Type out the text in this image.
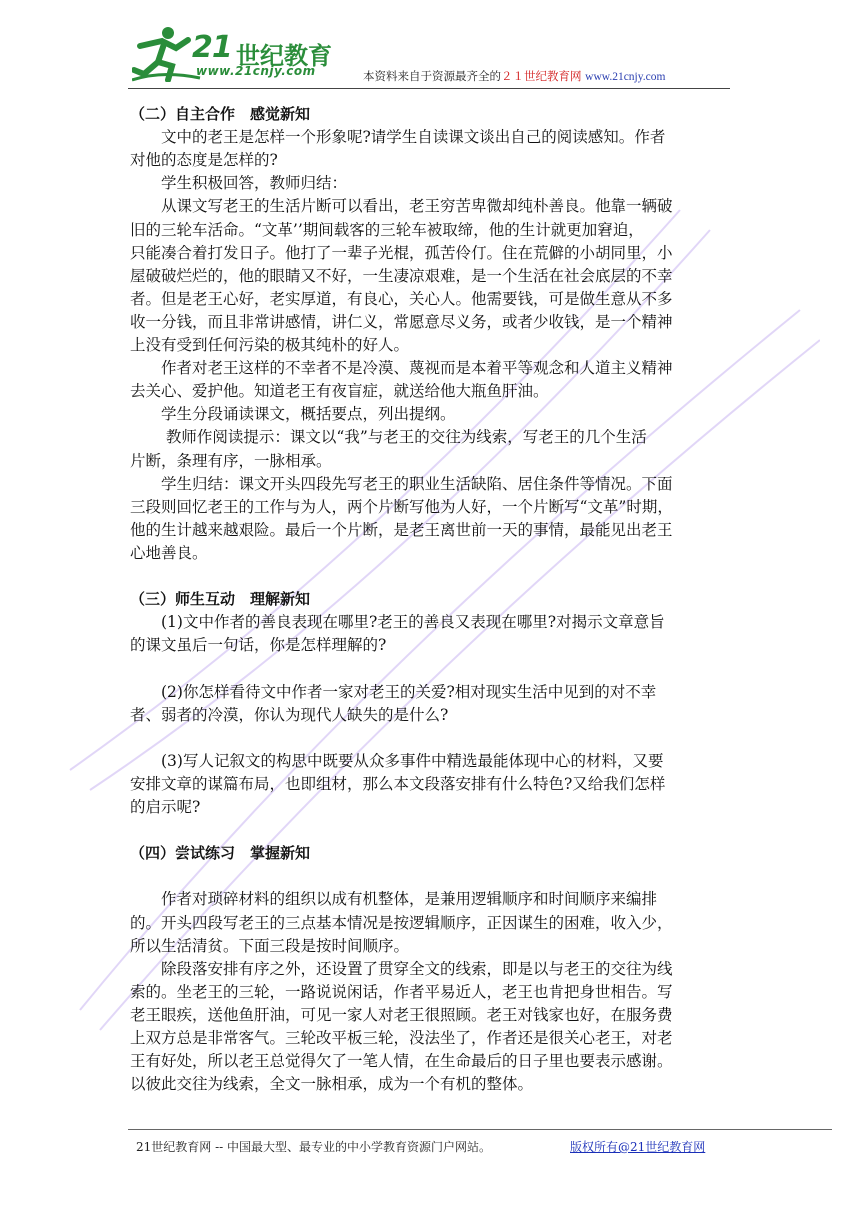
21 世纪教育
www.21cnjy.com	本资料来自于资源最齐全的２１世纪教育网 www.21cnjy.com
（二）自主合作　感觉新知
　　文中的老王是怎样一个形象呢?请学生自读课文谈出自己的阅读感知。作者
对他的态度是怎样的?
　　学生积极回答，教师归结：
　　从课文写老王的生活片断可以看出，老王穷苦卑微却纯朴善良。他靠一辆破
旧的三轮车活命。“文革’’期间载客的三轮车被取缔，他的生计就更加窘迫，
只能凑合着打发日子。他打了一辈子光棍，孤苦伶仃。住在荒僻的小胡同里，小
屋破破烂烂的，他的眼睛又不好，一生凄凉艰难，是一个生活在社会底层的不幸
者。但是老王心好，老实厚道，有良心，关心人。他需要钱，可是做生意从不多
收一分钱，而且非常讲感情，讲仁义，常愿意尽义务，或者少收钱，是一个精神
上没有受到任何污染的极其纯朴的好人。
　　作者对老王这样的不幸者不是冷漠、蔑视而是本着平等观念和人道主义精神
去关心、爱护他。知道老王有夜盲症，就送给他大瓶鱼肝油。
　　学生分段诵读课文，概括要点，列出提纲。
　　 教师作阅读提示：课文以“我”与老王的交往为线索，写老王的几个生活
片断，条理有序，一脉相承。
　　学生归结：课文开头四段先写老王的职业生活缺陷、居住条件等情况。下面
三段则回忆老王的工作与为人，两个片断写他为人好，一个片断写“文革”时期，
他的生计越来越艰险。最后一个片断，是老王离世前一天的事情，最能见出老王
心地善良。
（三）师生互动　理解新知
　　(1)文中作者的善良表现在哪里?老王的善良又表现在哪里?对揭示文章意旨
的课文虽后一句话，你是怎样理解的?
　　(2)你怎样看待文中作者一家对老王的关爱?相对现实生活中见到的对不幸
者、弱者的冷漠，你认为现代人缺失的是什么?
　　(3)写人记叙文的构思中既要从众多事件中精选最能体现中心的材料，又要
安排文章的谋篇布局，也即组材，那么本文段落安排有什么特色?又给我们怎样
的启示呢?
（四）尝试练习　掌握新知
　　作者对琐碎材料的组织以成有机整体，是兼用逻辑顺序和时间顺序来编排
的。开头四段写老王的三点基本情况是按逻辑顺序，正因谋生的困难，收入少，
所以生活清贫。下面三段是按时间顺序。
　　除段落安排有序之外，还设置了贯穿全文的线索，即是以与老王的交往为线
索的。坐老王的三轮，一路说说闲话，作者平易近人，老王也肯把身世相告。写
老王眼疾，送他鱼肝油，可见一家人对老王很照顾。老王对钱家也好，在服务费
上双方总是非常客气。三轮改平板三轮，没法坐了，作者还是很关心老王，对老
王有好处，所以老王总觉得欠了一笔人情，在生命最后的日子里也要表示感谢。
以彼此交往为线索，全文一脉相承，成为一个有机的整体。
21世纪教育网 -- 中国最大型、最专业的中小学教育资源门户网站。	版权所有@21世纪教育网
